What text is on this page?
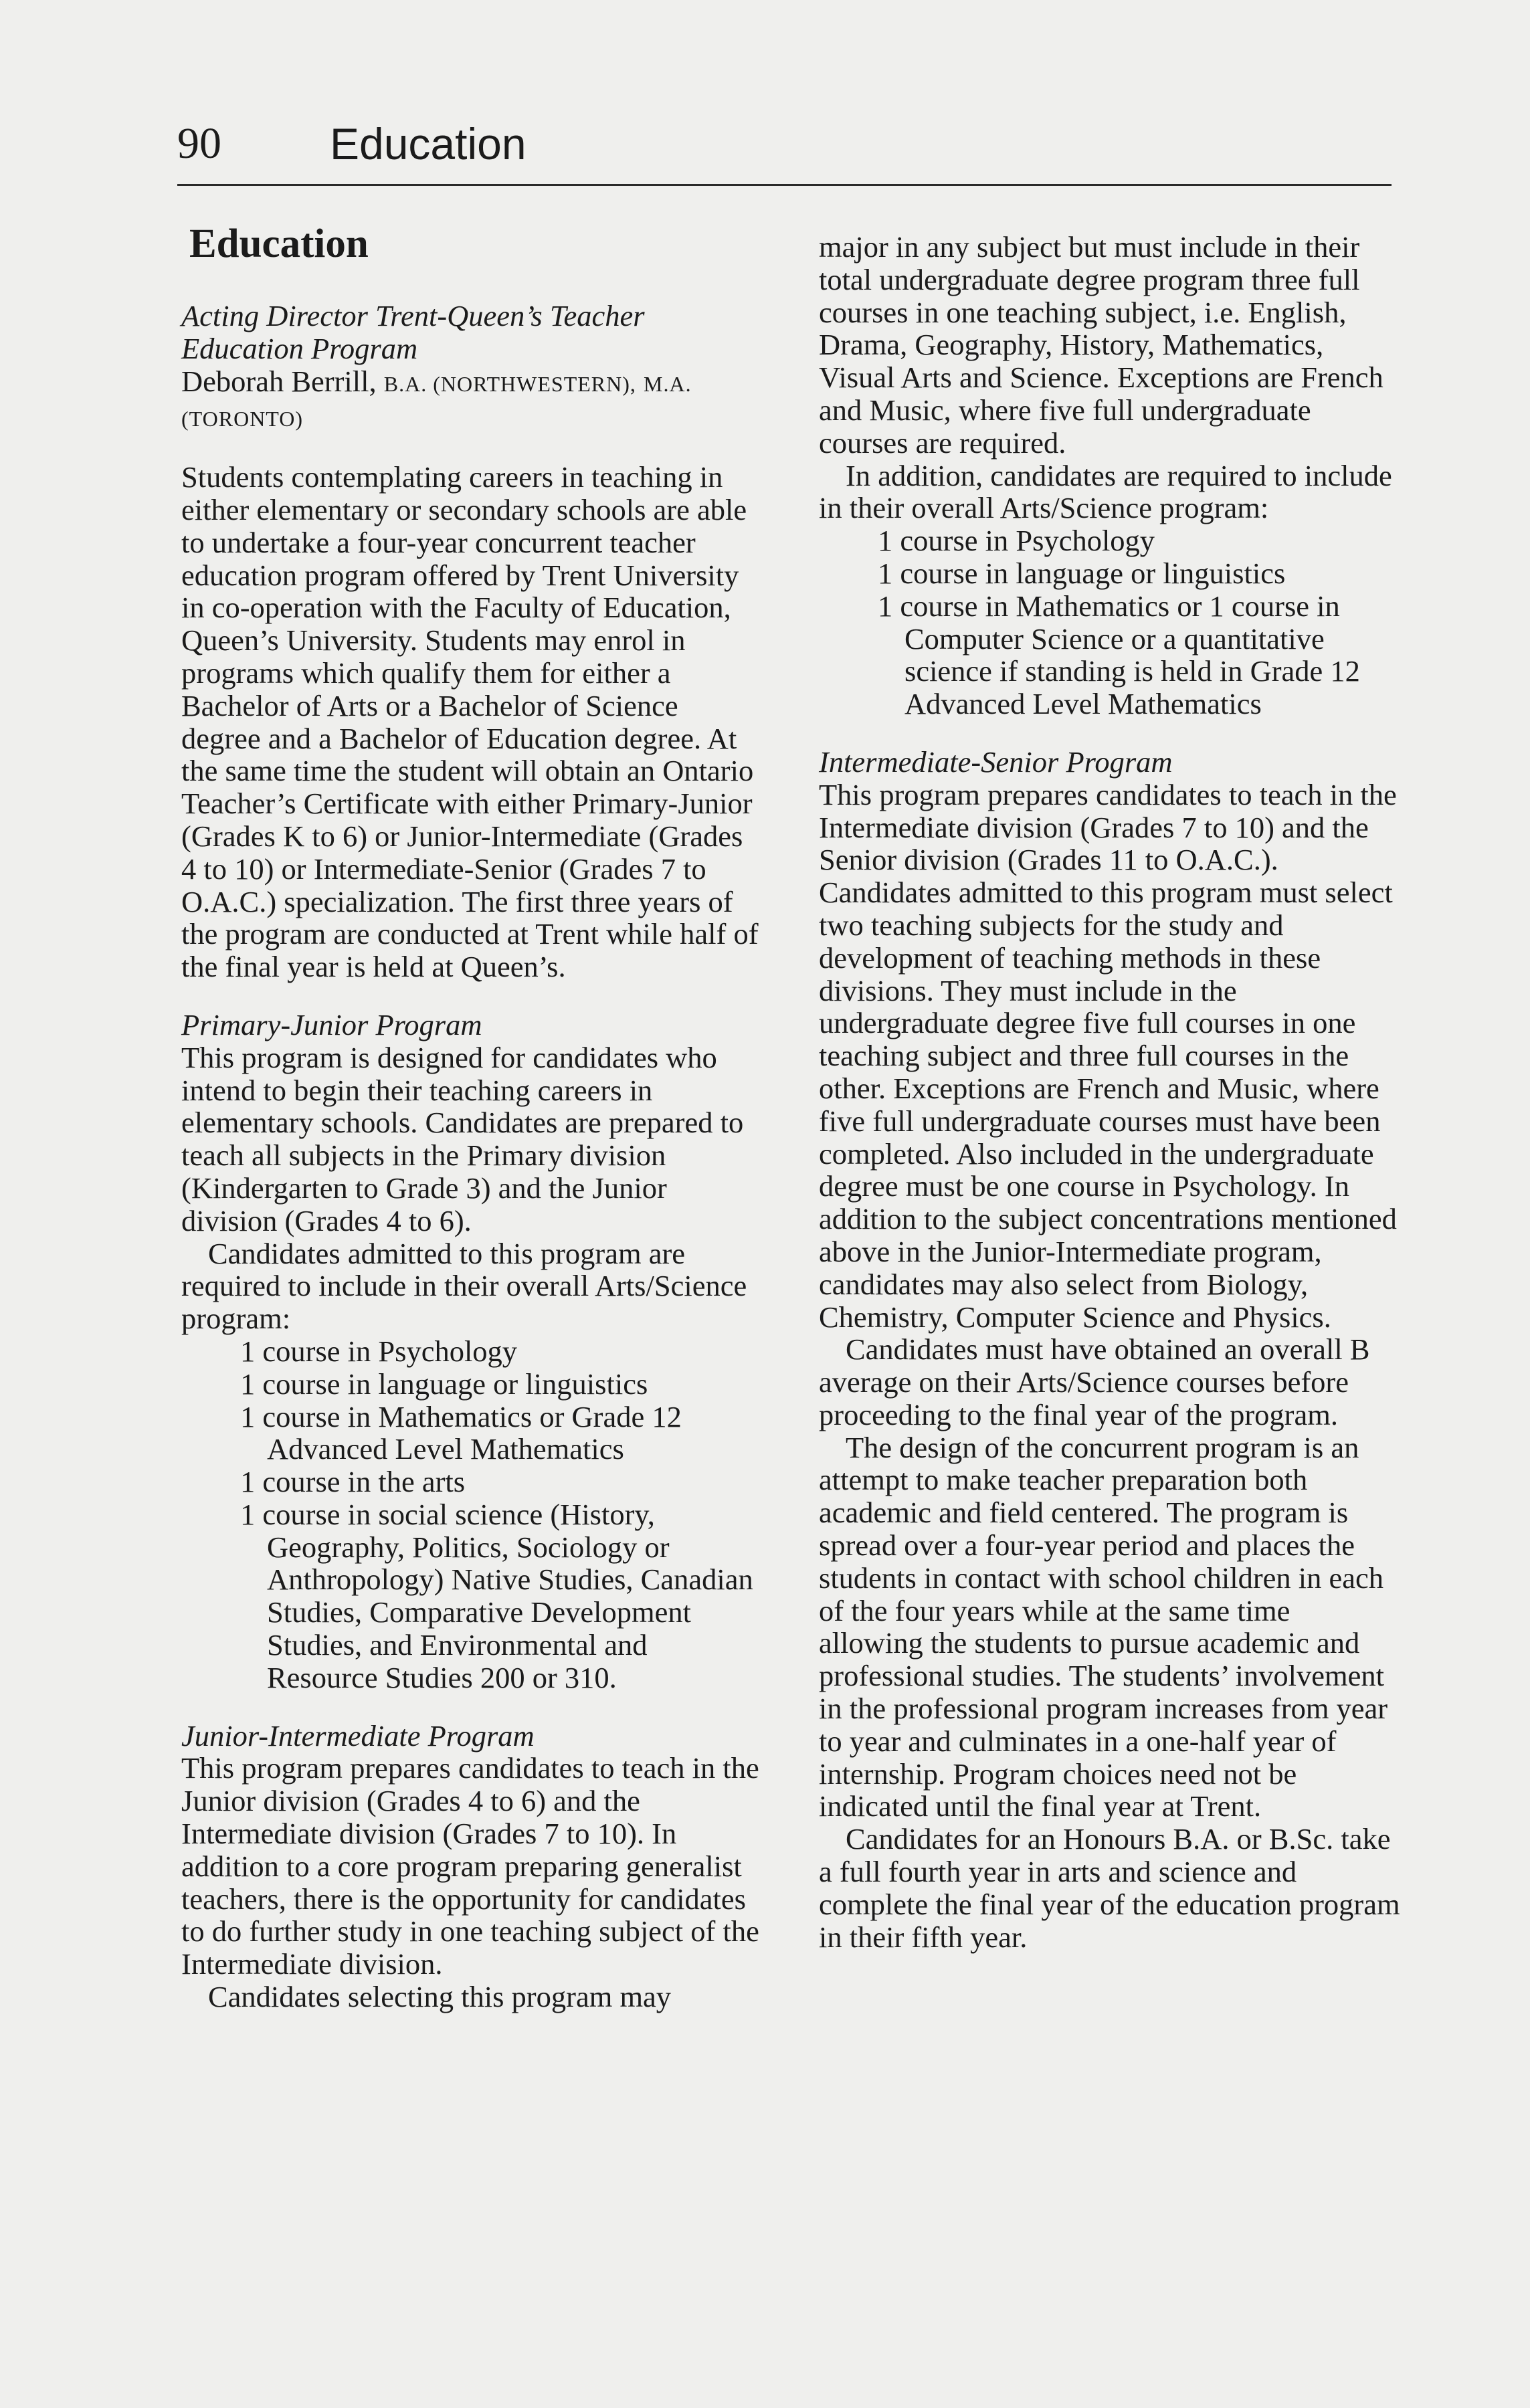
90 Education
Education
Acting Director Trent-Queen’s Teacher Education Program
Deborah Berrill, B.A. (NORTHWESTERN), M.A. (TORONTO)

Students contemplating careers in teaching in either elementary or secondary schools are able to undertake a four-year concurrent teacher education program offered by Trent University in co-operation with the Faculty of Education, Queen’s University. Students may enrol in programs which qualify them for either a Bachelor of Arts or a Bachelor of Science degree and a Bachelor of Education degree. At the same time the student will obtain an Ontario Teacher’s Certificate with either Primary-Junior (Grades K to 6) or Junior-Intermediate (Grades 4 to 10) or Intermediate-Senior (Grades 7 to O.A.C.) specialization. The first three years of the program are conducted at Trent while half of the final year is held at Queen’s.

Primary-Junior Program

This program is designed for candidates who intend to begin their teaching careers in elementary schools. Candidates are prepared to teach all subjects in the Primary division (Kindergarten to Grade 3) and the Junior division (Grades 4 to 6).

Candidates admitted to this program are required to include in their overall Arts/Science program:

1 course in Psychology
1 course in language or linguistics
1 course in Mathematics or Grade 12 Advanced Level Mathematics
1 course in the arts
1 course in social science (History, Geography, Politics, Sociology or Anthropology) Native Studies, Canadian Studies, Comparative Development Studies, and Environmental and Resource Studies 200 or 310.
Junior-Intermediate Program

This program prepares candidates to teach in the Junior division (Grades 4 to 6) and the Intermediate division (Grades 7 to 10). In addition to a core program preparing generalist teachers, there is the opportunity for candidates to do further study in one teaching subject of the Intermediate division.

Candidates selecting this program may

major in any subject but must include in their total undergraduate degree program three full courses in one teaching subject, i.e. English, Drama, Geography, History, Mathematics, Visual Arts and Science. Exceptions are French and Music, where five full undergraduate courses are required.

In addition, candidates are required to include in their overall Arts/Science program:

1 course in Psychology
1 course in language or linguistics
1 course in Mathematics or 1 course in Computer Science or a quantitative science if standing is held in Grade 12 Advanced Level Mathematics
Intermediate-Senior Program

This program prepares candidates to teach in the Intermediate division (Grades 7 to 10) and the Senior division (Grades 11 to O.A.C.). Candidates admitted to this program must select two teaching subjects for the study and development of teaching methods in these divisions. They must include in the undergraduate degree five full courses in one teaching subject and three full courses in the other. Exceptions are French and Music, where five full undergraduate courses must have been completed. Also included in the undergraduate degree must be one course in Psychology. In addition to the subject concentrations mentioned above in the Junior-Intermediate program, candidates may also select from Biology, Chemistry, Computer Science and Physics.

Candidates must have obtained an overall B average on their Arts/Science courses before proceeding to the final year of the program.

The design of the concurrent program is an attempt to make teacher preparation both academic and field centered. The program is spread over a four-year period and places the students in contact with school children in each of the four years while at the same time allowing the students to pursue academic and professional studies. The students’ involvement in the professional program increases from year to year and culminates in a one-half year of internship. Program choices need not be indicated until the final year at Trent.

Candidates for an Honours B.A. or B.Sc. take a full fourth year in arts and science and complete the final year of the education program in their fifth year.
